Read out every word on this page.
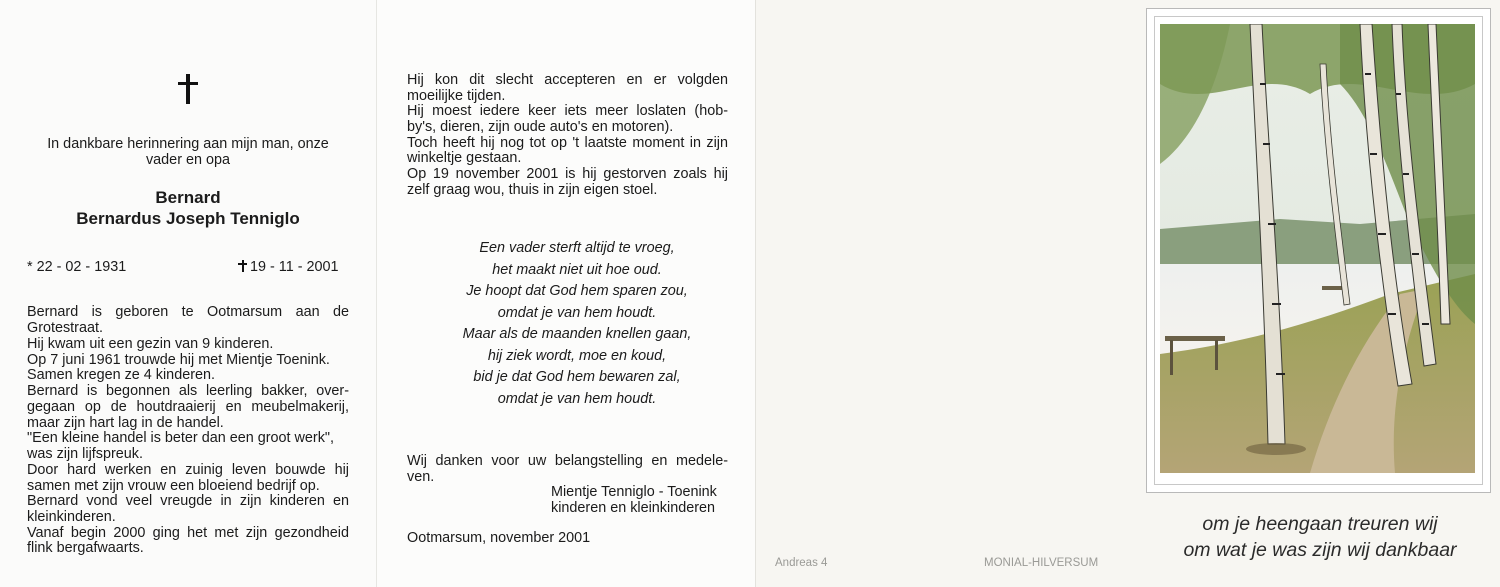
In dankbare herinnering aan mijn man, onze
vader en opa
Bernard
Bernardus Joseph Tenniglo
* 22 - 02 - 1931	19 - 11 - 2001
Bernard is geboren te Ootmarsum aan de
Grotestraat.
Hij kwam uit een gezin van 9 kinderen.
Op 7 juni 1961 trouwde hij met Mientje Toenink.
Samen kregen ze 4 kinderen.
Bernard is begonnen als leerling bakker, over-
gegaan op de houtdraaierij en meubelmakerij,
maar zijn hart lag in de handel.
"Een kleine handel is beter dan een groot werk",
was zijn lijfspreuk.
Door hard werken en zuinig leven bouwde hij
samen met zijn vrouw een bloeiend bedrijf op.
Bernard vond veel vreugde in zijn kinderen en
kleinkinderen.
Vanaf begin 2000 ging het met zijn gezondheid
flink bergafwaarts.
Hij kon dit slecht accepteren en er volgden
moeilijke tijden.
Hij moest iedere keer iets meer loslaten (hob-
by's, dieren, zijn oude auto's en motoren).
Toch heeft hij nog tot op 't laatste moment in zijn
winkeltje gestaan.
Op 19 november 2001 is hij gestorven zoals hij
zelf graag wou, thuis in zijn eigen stoel.
Een vader sterft altijd te vroeg,
het maakt niet uit hoe oud.
Je hoopt dat God hem sparen zou,
omdat je van hem houdt.
Maar als de maanden knellen gaan,
hij ziek wordt, moe en koud,
bid je dat God hem bewaren zal,
omdat je van hem houdt.
Wij danken voor uw belangstelling en medele-
ven.
Mientje Tenniglo - Toenink
kinderen en kleinkinderen
Ootmarsum, november 2001
om je heengaan treuren wij
om wat je was zijn wij dankbaar
Andreas 4	MONIAL-HILVERSUM
